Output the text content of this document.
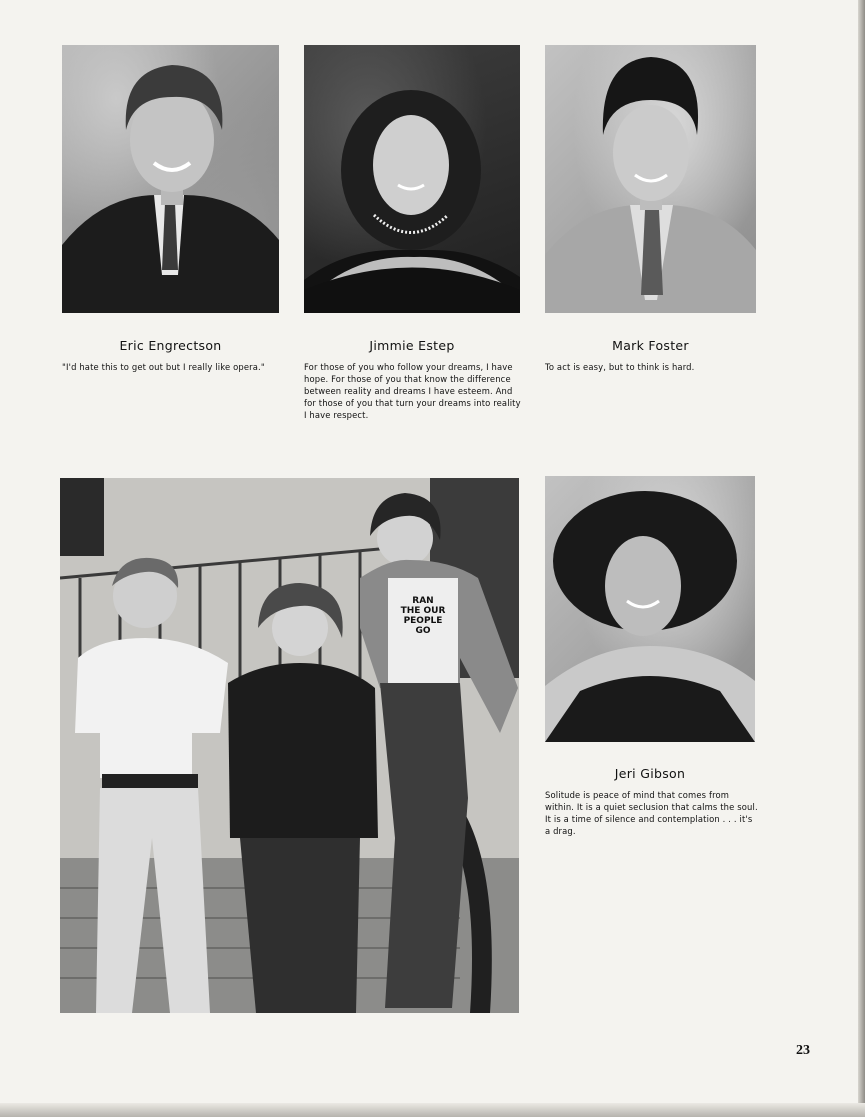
Eric Engrectson

"I'd hate this to get out but I really like opera."

Jimmie Estep

For those of you who follow your dreams, I have hope. For those of you that know the difference between reality and dreams I have esteem. And for those of you that turn your dreams into reality I have respect.

Mark Foster

To act is easy, but to think is hard.

RAN
THE OUR
PEOPLE
GO
Jeri Gibson

Solitude is peace of mind that comes from within. It is a quiet seclusion that calms the soul. It is a time of silence and contemplation . . . it's a drag.

23
